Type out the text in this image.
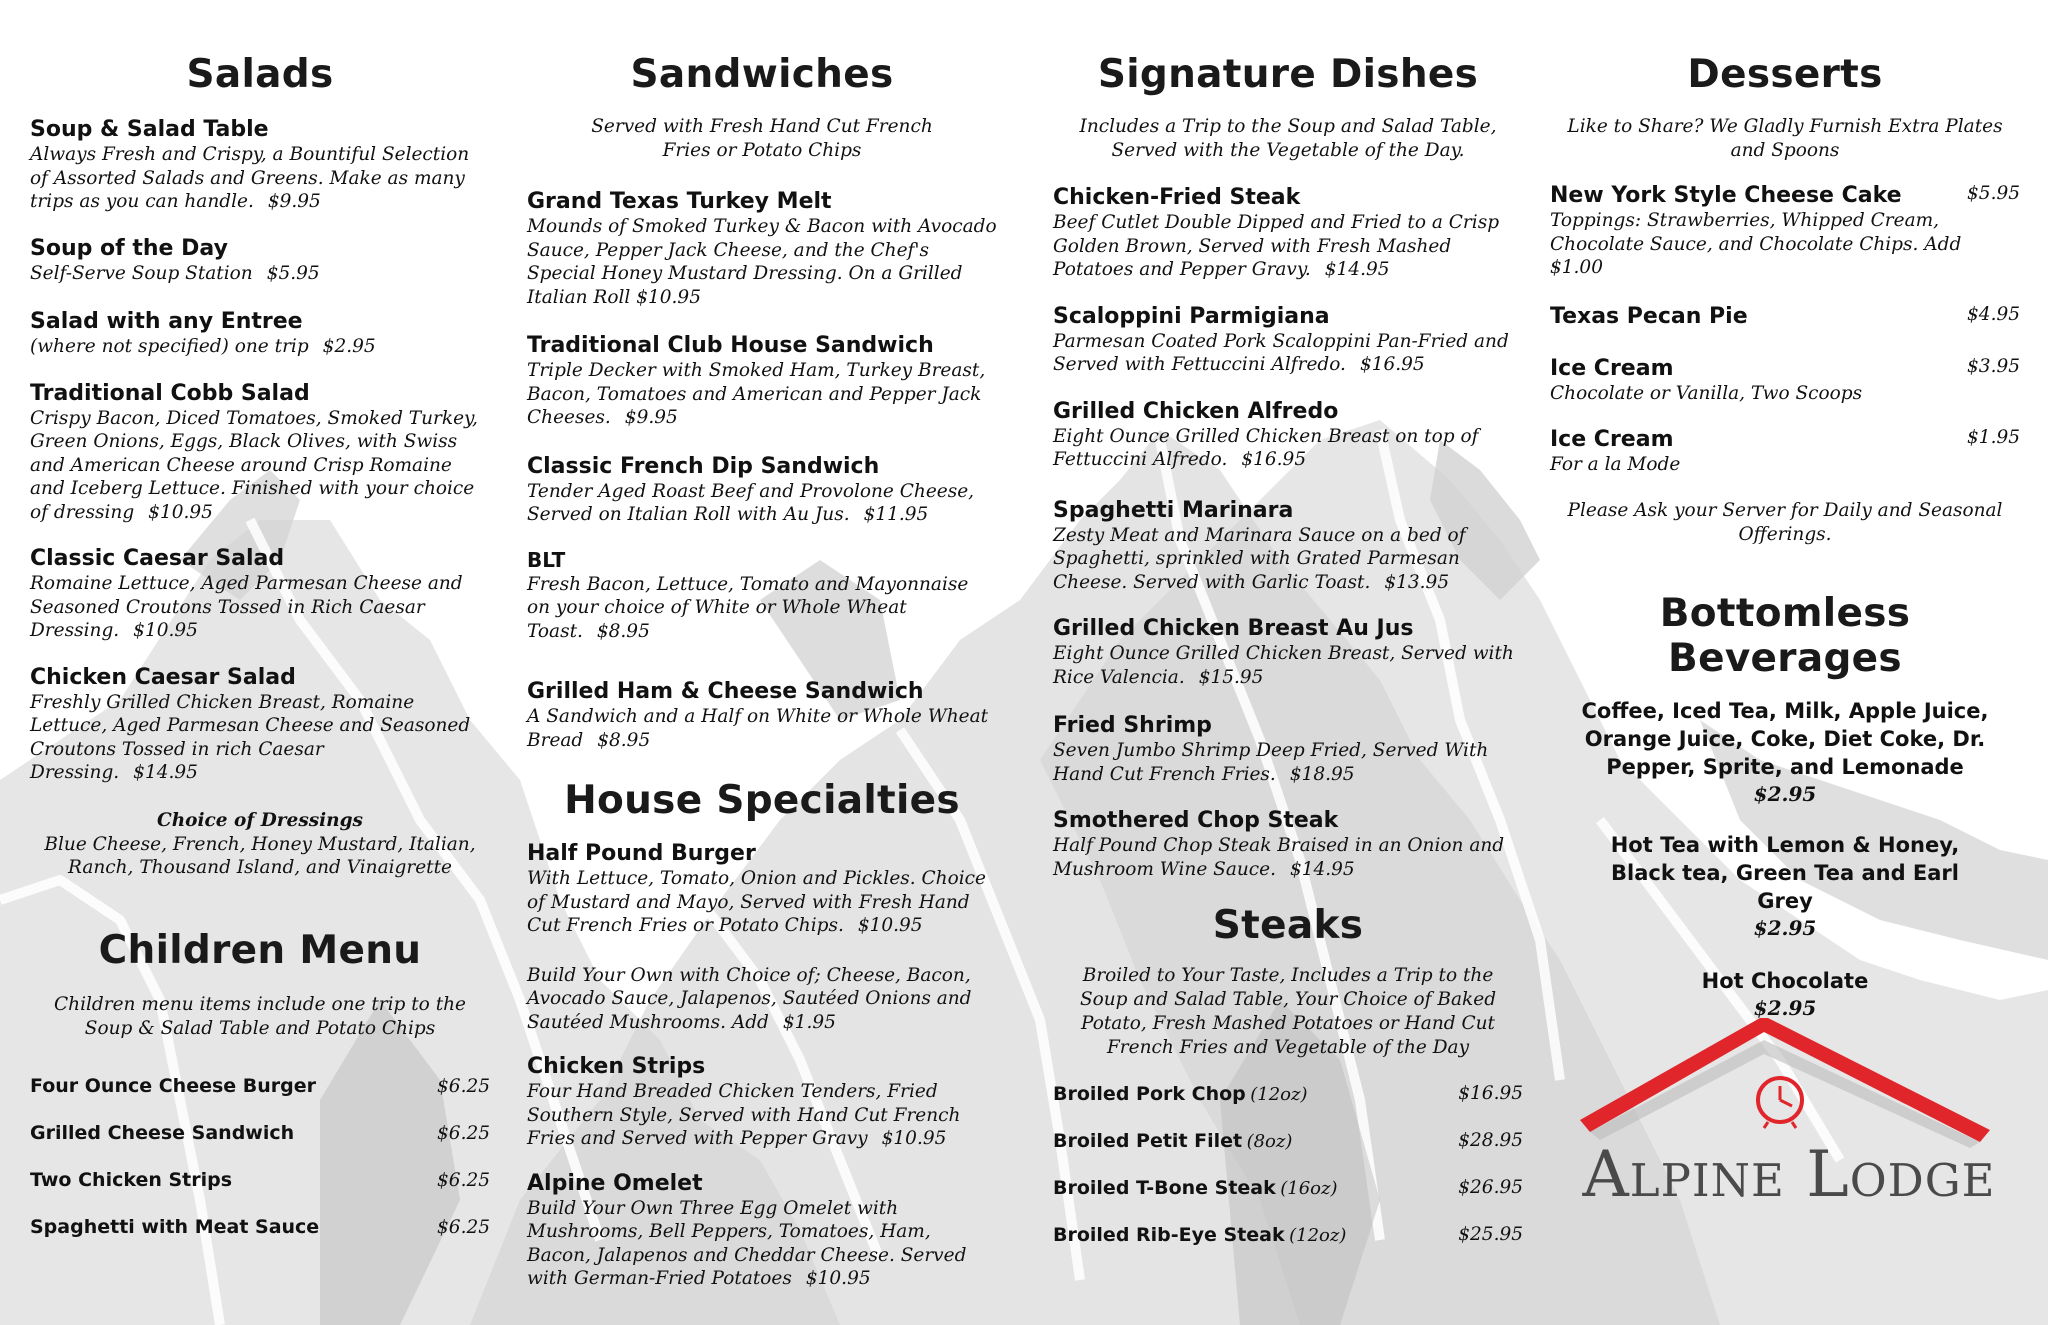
Salads
Soup & Salad Table
Always Fresh and Crispy, a Bountiful Selection of Assorted Salads and Greens. Make as many trips as you can handle. $9.95
Soup of the Day
Self-Serve Soup Station $5.95
Salad with any Entree
(where not specified) one trip $2.95
Traditional Cobb Salad
Crispy Bacon, Diced Tomatoes, Smoked Turkey, Green Onions, Eggs, Black Olives, with Swiss and American Cheese around Crisp Romaine and Iceberg Lettuce. Finished with your choice of dressing $10.95
Classic Caesar Salad
Romaine Lettuce, Aged Parmesan Cheese and Seasoned Croutons Tossed in Rich Caesar Dressing. $10.95
Chicken Caesar Salad
Freshly Grilled Chicken Breast, Romaine Lettuce, Aged Parmesan Cheese and Seasoned Croutons Tossed in rich Caesar Dressing. $14.95
Choice of Dressings
Blue Cheese, French, Honey Mustard, Italian, Ranch, Thousand Island, and Vinaigrette
Children Menu
Children menu items include one trip to the Soup & Salad Table and Potato Chips
Four Ounce Cheese Burger	$6.25
Grilled Cheese Sandwich	$6.25
Two Chicken Strips	$6.25
Spaghetti with Meat Sauce	$6.25
Sandwiches
Served with Fresh Hand Cut French Fries or Potato Chips
Grand Texas Turkey Melt
Mounds of Smoked Turkey & Bacon with Avocado Sauce, Pepper Jack Cheese, and the Chef's Special Honey Mustard Dressing. On a Grilled Italian Roll $10.95
Traditional Club House Sandwich
Triple Decker with Smoked Ham, Turkey Breast, Bacon, Tomatoes and American and Pepper Jack Cheeses. $9.95
Classic French Dip Sandwich
Tender Aged Roast Beef and Provolone Cheese, Served on Italian Roll with Au Jus. $11.95
BLT
Fresh Bacon, Lettuce, Tomato and Mayonnaise on your choice of White or Whole Wheat Toast. $8.95
Grilled Ham & Cheese Sandwich
A Sandwich and a Half on White or Whole Wheat Bread $8.95
House Specialties
Half Pound Burger
With Lettuce, Tomato, Onion and Pickles. Choice of Mustard and Mayo, Served with Fresh Hand Cut French Fries or Potato Chips. $10.95
Build Your Own with Choice of; Cheese, Bacon, Avocado Sauce, Jalapenos, Sautéed Onions and Sautéed Mushrooms. Add $1.95
Chicken Strips
Four Hand Breaded Chicken Tenders, Fried Southern Style, Served with Hand Cut French Fries and Served with Pepper Gravy $10.95
Alpine Omelet
Build Your Own Three Egg Omelet with Mushrooms, Bell Peppers, Tomatoes, Ham, Bacon, Jalapenos and Cheddar Cheese. Served with German-Fried Potatoes $10.95
Signature Dishes
Includes a Trip to the Soup and Salad Table, Served with the Vegetable of the Day.
Chicken-Fried Steak
Beef Cutlet Double Dipped and Fried to a Crisp Golden Brown, Served with Fresh Mashed Potatoes and Pepper Gravy. $14.95
Scaloppini Parmigiana
Parmesan Coated Pork Scaloppini Pan-Fried and Served with Fettuccini Alfredo. $16.95
Grilled Chicken Alfredo
Eight Ounce Grilled Chicken Breast on top of Fettuccini Alfredo. $16.95
Spaghetti Marinara
Zesty Meat and Marinara Sauce on a bed of Spaghetti, sprinkled with Grated Parmesan Cheese. Served with Garlic Toast. $13.95
Grilled Chicken Breast Au Jus
Eight Ounce Grilled Chicken Breast, Served with Rice Valencia. $15.95
Fried Shrimp
Seven Jumbo Shrimp Deep Fried, Served With Hand Cut French Fries. $18.95
Smothered Chop Steak
Half Pound Chop Steak Braised in an Onion and Mushroom Wine Sauce. $14.95
Steaks
Broiled to Your Taste, Includes a Trip to the Soup and Salad Table, Your Choice of Baked Potato, Fresh Mashed Potatoes or Hand Cut French Fries and Vegetable of the Day
Broiled Pork Chop (12oz)	$16.95
Broiled Petit Filet (8oz)	$28.95
Broiled T-Bone Steak (16oz)	$26.95
Broiled Rib-Eye Steak (12oz)	$25.95
Desserts
Like to Share? We Gladly Furnish Extra Plates and Spoons
New York Style Cheese Cake	$5.95
Toppings: Strawberries, Whipped Cream, Chocolate Sauce, and Chocolate Chips. Add $1.00
Texas Pecan Pie	$4.95
Ice Cream	$3.95
Chocolate or Vanilla, Two Scoops
Ice Cream	$1.95
For a la Mode
Please Ask your Server for Daily and Seasonal Offerings.
Bottomless Beverages
Coffee, Iced Tea, Milk, Apple Juice, Orange Juice, Coke, Diet Coke, Dr. Pepper, Sprite, and Lemonade
$2.95
Hot Tea with Lemon & Honey, Black tea, Green Tea and Earl Grey
$2.95
Hot Chocolate
$2.95
Alpine Lodge
